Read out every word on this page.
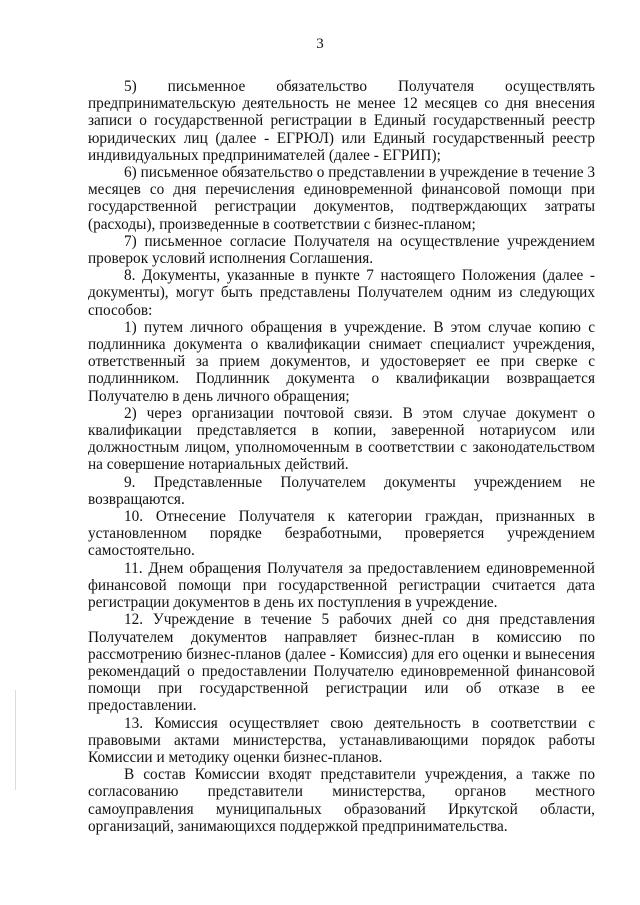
3

5) письменное обязательство Получателя осуществлять предпринимательскую деятельность не менее 12 месяцев со дня внесения записи о государственной регистрации в Единый государственный реестр юридических лиц (далее - ЕГРЮЛ) или Единый государственный реестр индивидуальных предпринимателей (далее - ЕГРИП);

6) письменное обязательство о представлении в учреждение в течение 3 месяцев со дня перечисления единовременной финансовой помощи при государственной регистрации документов, подтверждающих затраты (расходы), произведенные в соответствии с бизнес-планом;

7) письменное согласие Получателя на осуществление учреждением проверок условий исполнения Соглашения.

8. Документы, указанные в пункте 7 настоящего Положения (далее - документы), могут быть представлены Получателем одним из следующих способов:

1) путем личного обращения в учреждение. В этом случае копию с подлинника документа о квалификации снимает специалист учреждения, ответственный за прием документов, и удостоверяет ее при сверке с подлинником. Подлинник документа о квалификации возвращается Получателю в день личного обращения;

2) через организации почтовой связи. В этом случае документ о квалификации представляется в копии, заверенной нотариусом или должностным лицом, уполномоченным в соответствии с законодательством на совершение нотариальных действий.

9. Представленные Получателем документы учреждением не возвращаются.

10. Отнесение Получателя к категории граждан, признанных в установленном порядке безработными, проверяется учреждением самостоятельно.

11. Днем обращения Получателя за предоставлением единовременной финансовой помощи при государственной регистрации считается дата регистрации документов в день их поступления в учреждение.

12. Учреждение в течение 5 рабочих дней со дня представления Получателем документов направляет бизнес-план в комиссию по рассмотрению бизнес-планов (далее - Комиссия) для его оценки и вынесения рекомендаций о предоставлении Получателю единовременной финансовой помощи при государственной регистрации или об отказе в ее предоставлении.

13. Комиссия осуществляет свою деятельность в соответствии с правовыми актами министерства, устанавливающими порядок работы Комиссии и методику оценки бизнес-планов.

В состав Комиссии входят представители учреждения, а также по согласованию представители министерства, органов местного самоуправления муниципальных образований Иркутской области, организаций, занимающихся поддержкой предпринимательства.
